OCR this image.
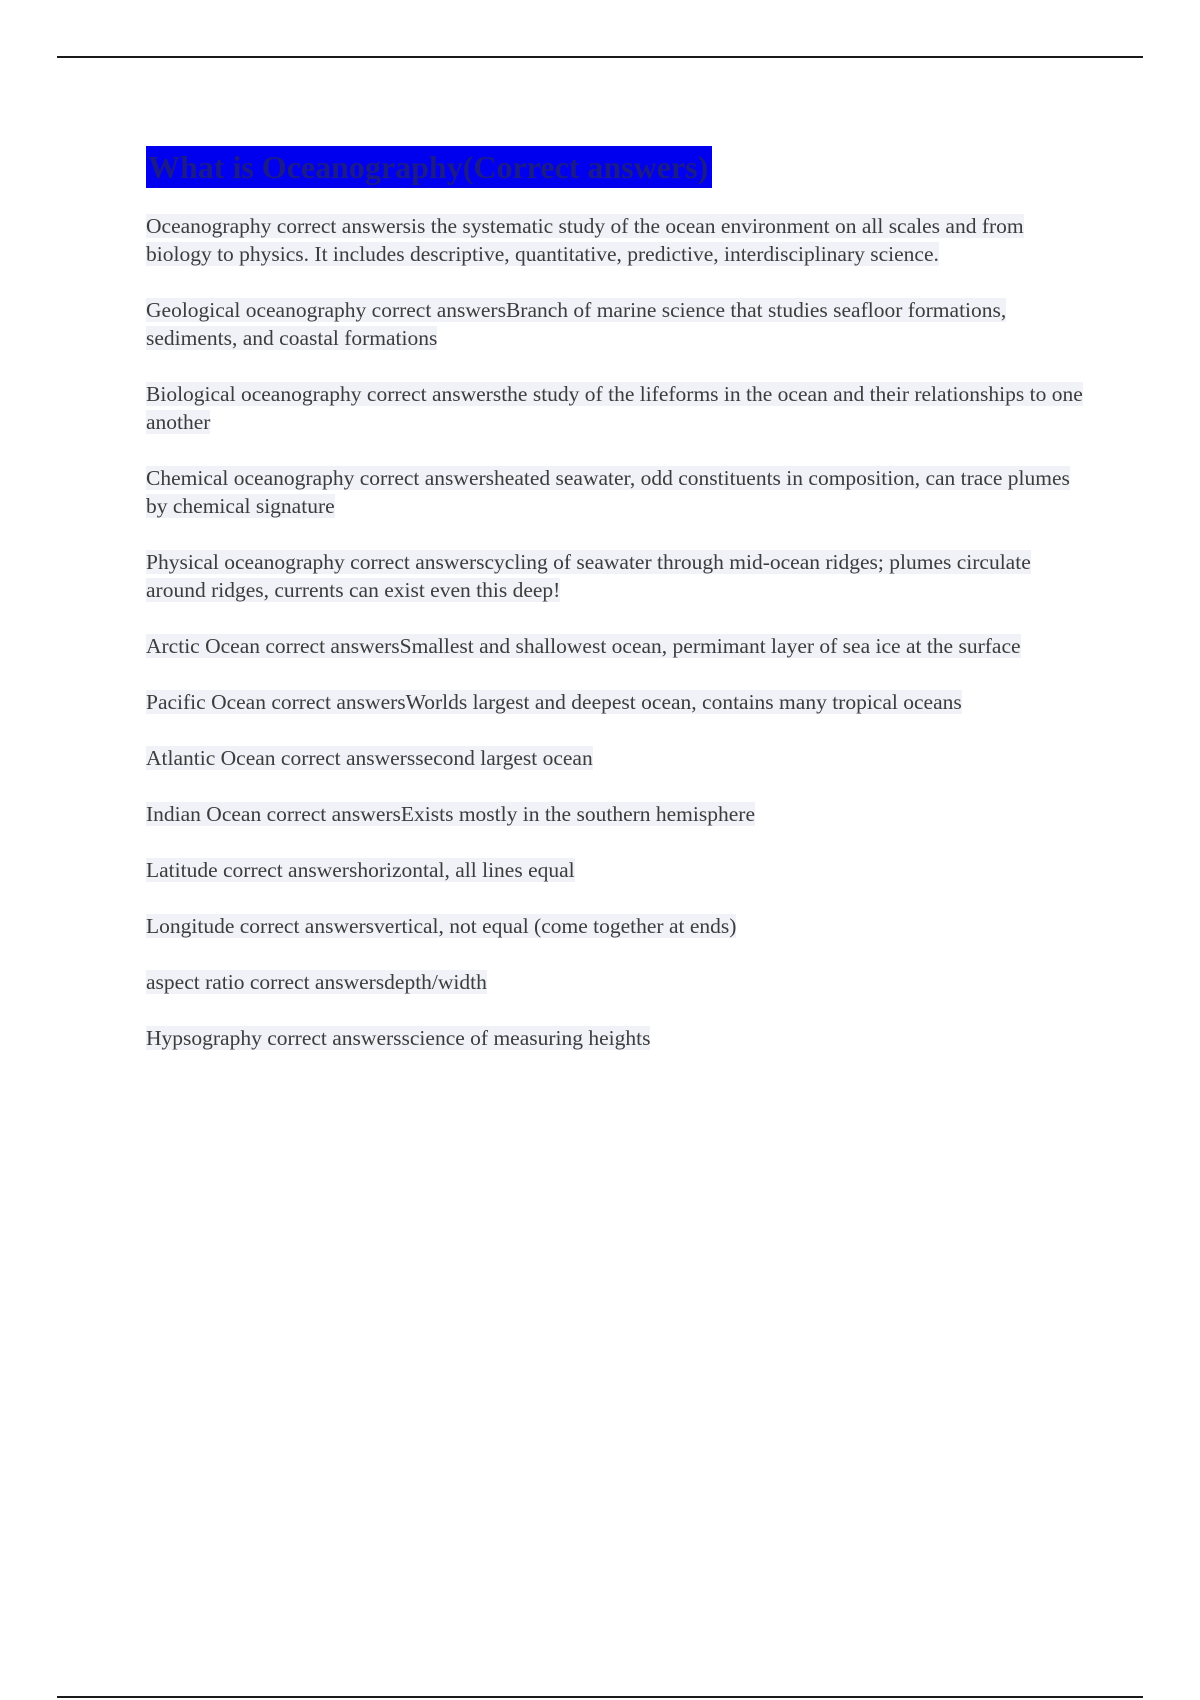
What is Oceanography(Correct answers)
Oceanography correct answersis the systematic study of the ocean environment on all scales and from biology to physics. It includes descriptive, quantitative, predictive, interdisciplinary science.
Geological oceanography correct answersBranch of marine science that studies seafloor formations, sediments, and coastal formations
Biological oceanography correct answersthe study of the lifeforms in the ocean and their relationships to one another
Chemical oceanography correct answersheated seawater, odd constituents in composition, can trace plumes by chemical signature
Physical oceanography correct answerscycling of seawater through mid-ocean ridges; plumes circulate around ridges, currents can exist even this deep!
Arctic Ocean correct answersSmallest and shallowest ocean, permimant layer of sea ice at the surface
Pacific Ocean correct answersWorlds largest and deepest ocean, contains many tropical oceans
Atlantic Ocean correct answerssecond largest ocean
Indian Ocean correct answersExists mostly in the southern hemisphere
Latitude correct answershorizontal, all lines equal
Longitude correct answersvertical, not equal (come together at ends)
aspect ratio correct answersdepth/width
Hypsography correct answersscience of measuring heights
